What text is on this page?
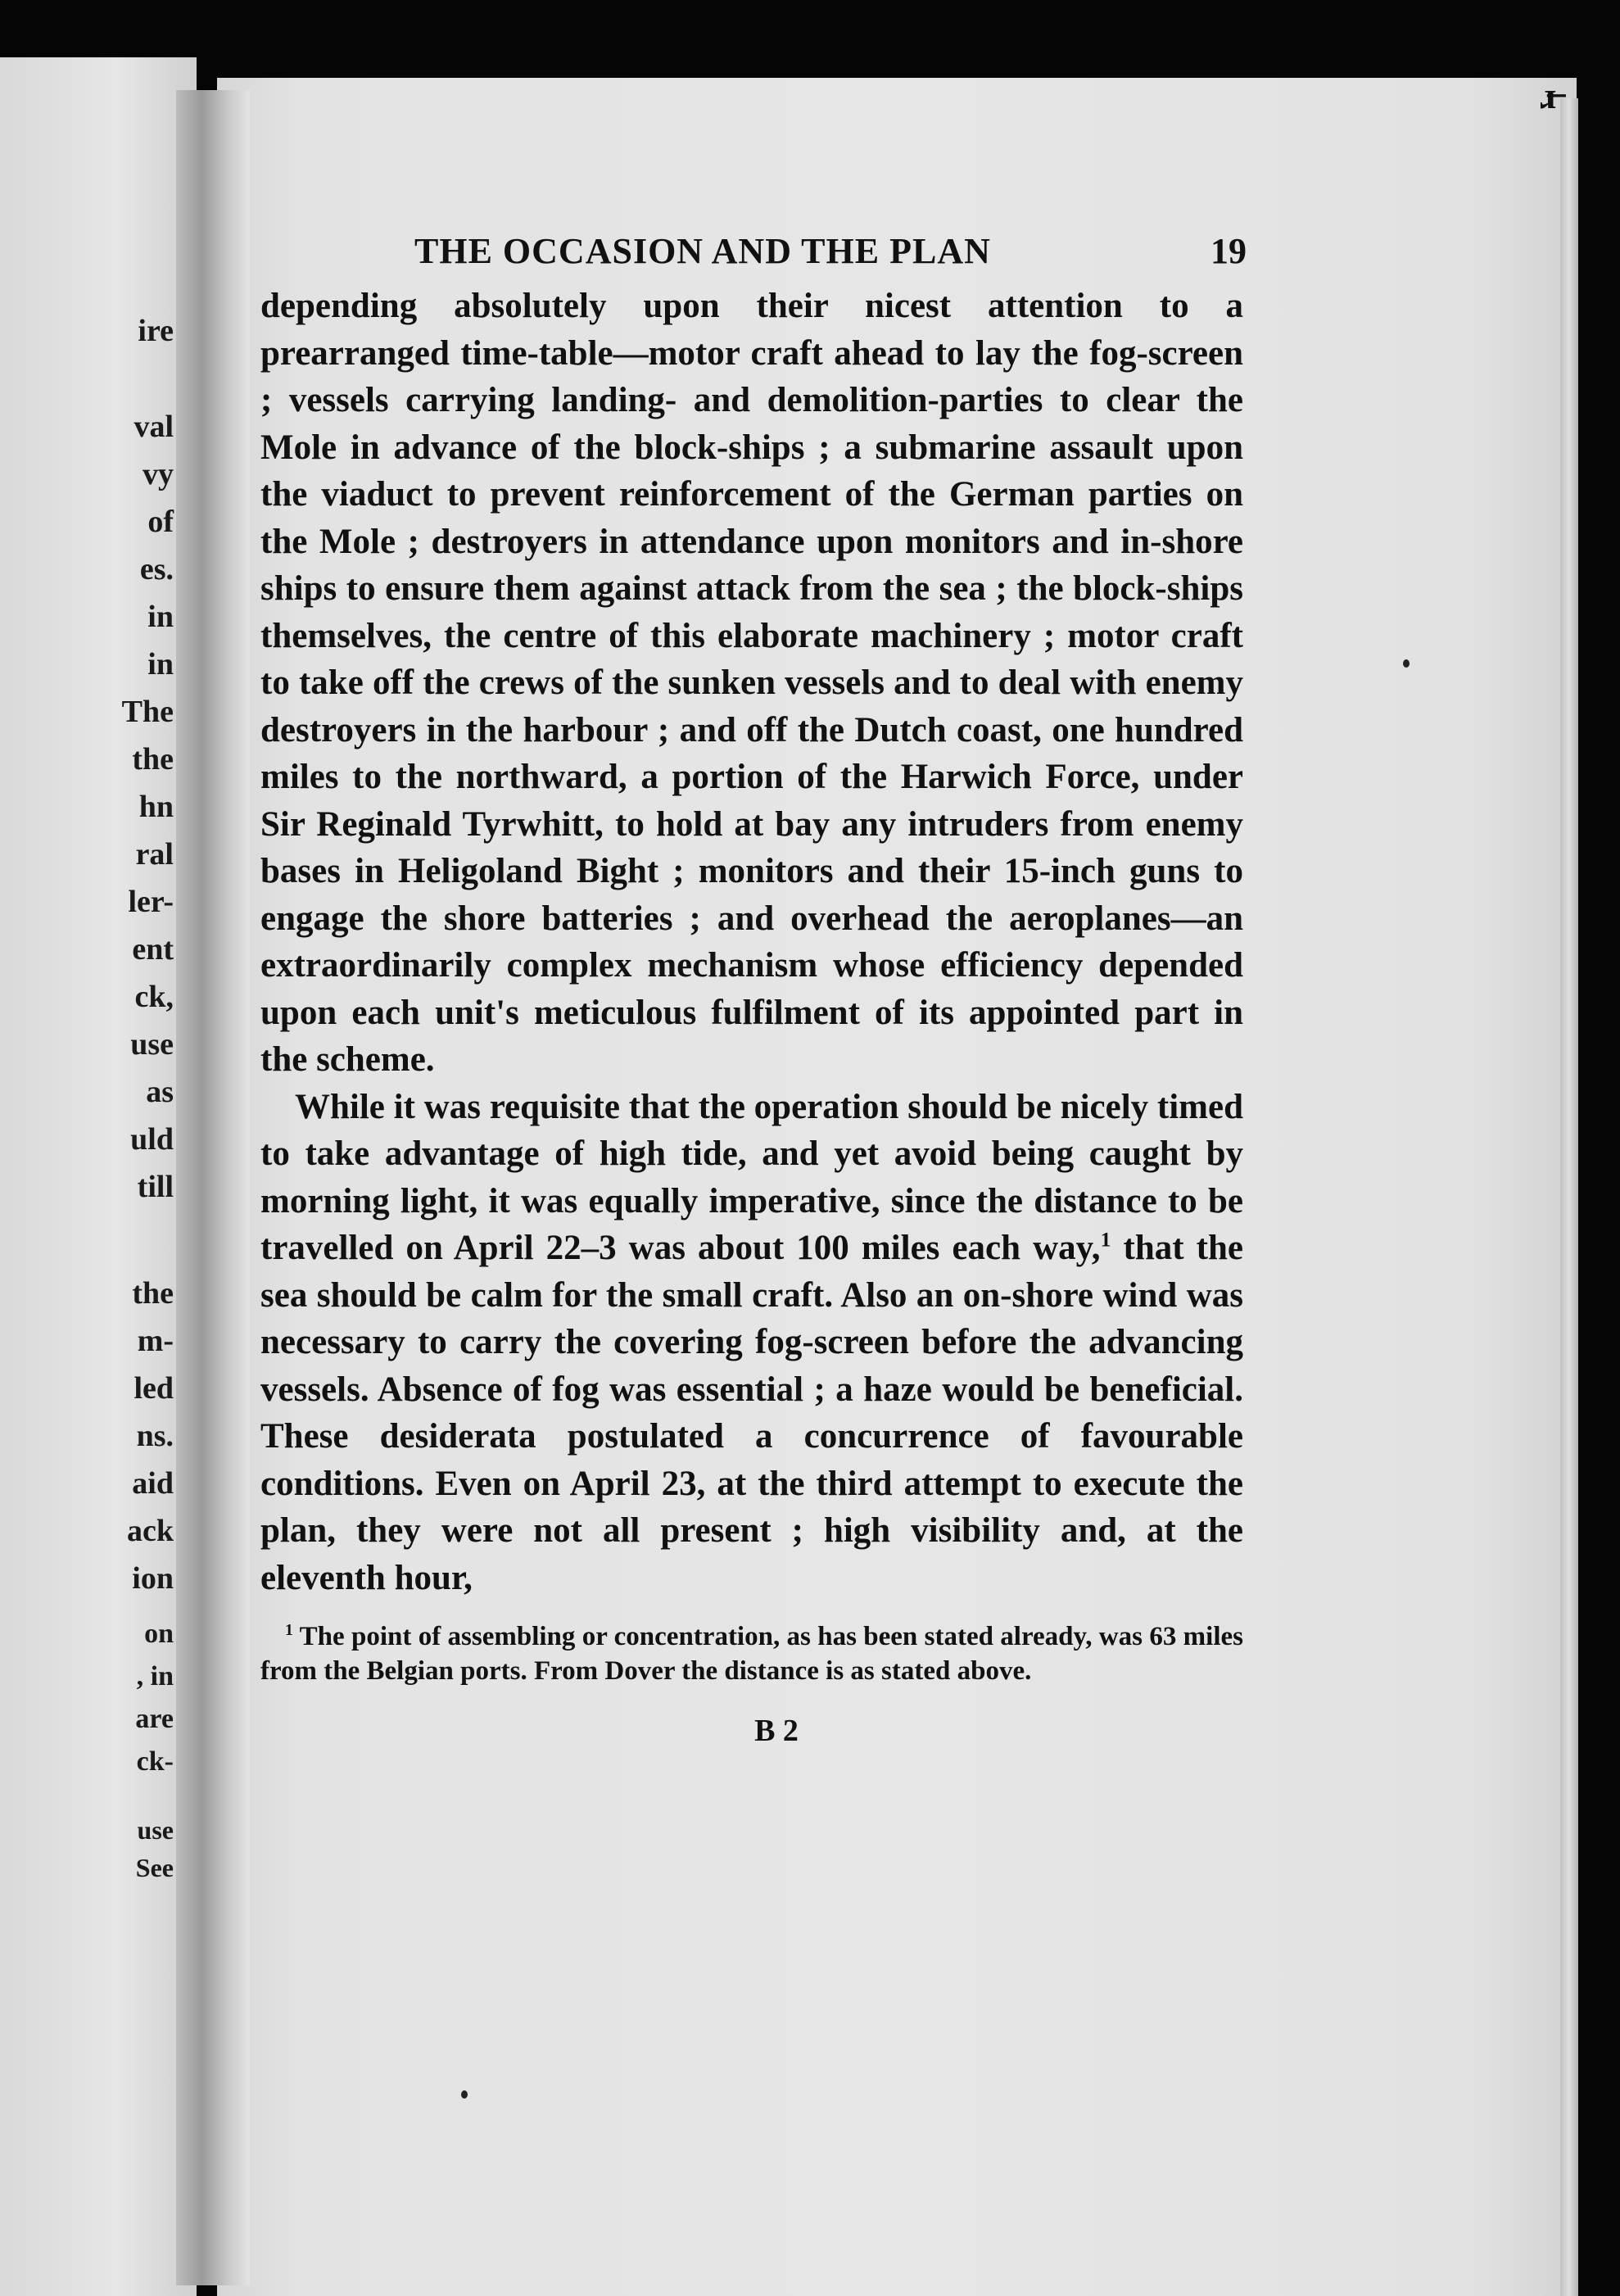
ire
val
vy
of
es.
in
in
The
the
hn
ral
ler-
ent
ck,
use
as
uld
till
the
m-
led
ns.
aid
ack
ion
on
, in
are
ck-
use
See
ɹ̶
THE OCCASION AND THE PLAN	19

depending absolutely upon their nicest attention to a prearranged time-table—motor craft ahead to lay the fog-screen ; vessels carrying landing- and demolition-parties to clear the Mole in advance of the block-ships ; a submarine assault upon the viaduct to prevent reinforcement of the German parties on the Mole ; destroyers in attendance upon monitors and in-shore ships to ensure them against attack from the sea ; the block-ships themselves, the centre of this elaborate machinery ; motor craft to take off the crews of the sunken vessels and to deal with enemy destroyers in the harbour ; and off the Dutch coast, one hundred miles to the northward, a portion of the Harwich Force, under Sir Reginald Tyrwhitt, to hold at bay any intruders from enemy bases in Heligoland Bight ; monitors and their 15-inch guns to engage the shore batteries ; and overhead the aeroplanes—an extraordinarily complex mechanism whose efficiency depended upon each unit's meticulous fulfilment of its appointed part in the scheme.

While it was requisite that the operation should be nicely timed to take advantage of high tide, and yet avoid being caught by morning light, it was equally imperative, since the distance to be travelled on April 22–3 was about 100 miles each way,$^1$ that the sea should be calm for the small craft. Also an on-shore wind was necessary to carry the covering fog-screen before the advancing vessels. Absence of fog was essential ; a haze would be beneficial. These desiderata postulated a concurrence of favourable conditions. Even on April 23, at the third attempt to execute the plan, they were not all present ; high visibility and, at the eleventh hour,

$^1$ The point of assembling or concentration, as has been stated already, was 63 miles from the Belgian ports. From Dover the distance is as stated above.
B 2
